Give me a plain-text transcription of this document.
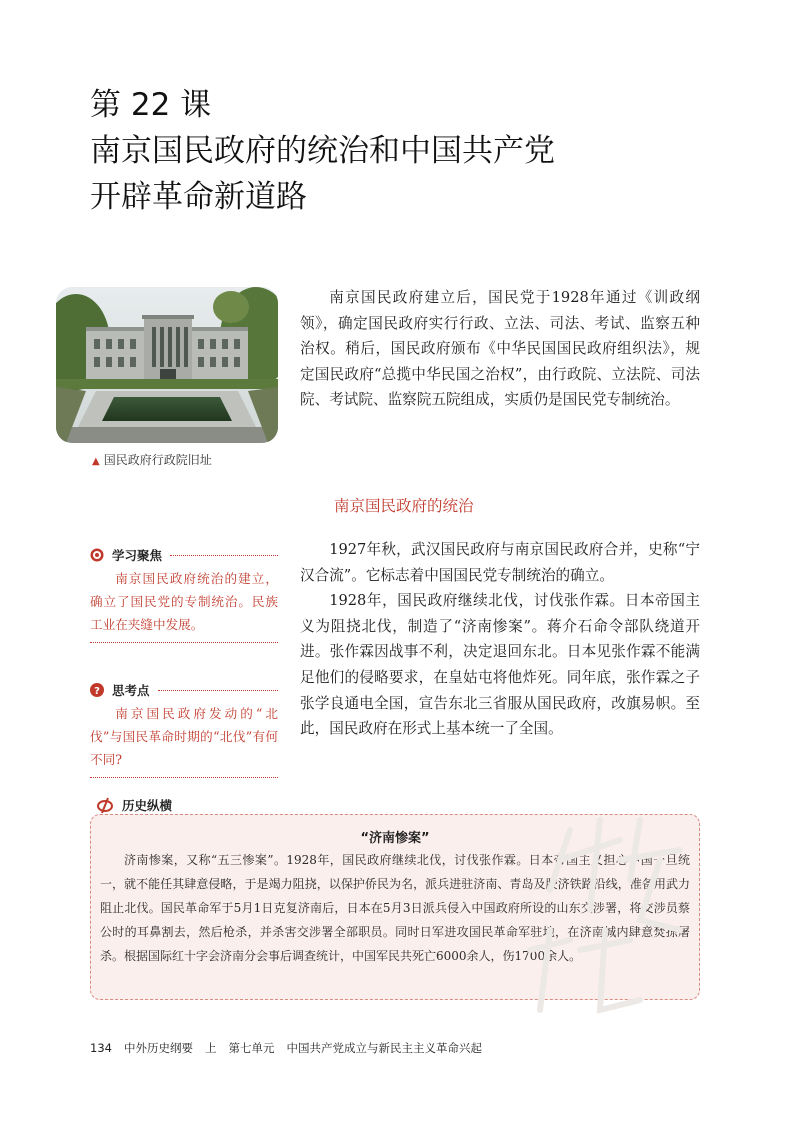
第 22 课
南京国民政府的统治和中国共产党
开辟革命新道路
▲ 国民政府行政院旧址
南京国民政府建立后，国民党于1928年通过《训政纲领》，确定国民政府实行行政、立法、司法、考试、监察五种治权。稍后，国民政府颁布《中华民国国民政府组织法》，规定国民政府“总揽中华民国之治权”，由行政院、立法院、司法院、考试院、监察院五院组成，实质仍是国民党专制统治。
南京国民政府的统治

1927年秋，武汉国民政府与南京国民政府合并，史称“宁汉合流”。它标志着中国国民党专制统治的确立。

1928年，国民政府继续北伐，讨伐张作霖。日本帝国主义为阻挠北伐，制造了“济南惨案”。蒋介石命令部队绕道开进。张作霖因战事不利，决定退回东北。日本见张作霖不能满足他们的侵略要求，在皇姑屯将他炸死。同年底，张作霖之子张学良通电全国，宣告东北三省服从国民政府，改旗易帜。至此，国民政府在形式上基本统一了全国。

学习聚焦
南京国民政府统治的建立，确立了国民党的专制统治。民族工业在夹缝中发展。
? 思考点
南京国民政府发动的“北伐”与国民革命时期的“北伐”有何不同?
历史纵横
“济南惨案”
济南惨案，又称“五三惨案”。1928年，国民政府继续北伐，讨伐张作霖。日本帝国主义担心中国一旦统一，就不能任其肆意侵略，于是竭力阻挠，以保护侨民为名，派兵进驻济南、青岛及胶济铁路沿线，准备用武力阻止北伐。国民革命军于5月1日克复济南后，日本在5月3日派兵侵入中国政府所设的山东交涉署，将交涉员蔡公时的耳鼻割去，然后枪杀，并杀害交涉署全部职员。同时日军进攻国民革命军驻地，在济南城内肆意焚掠屠杀。根据国际红十字会济南分会事后调查统计，中国军民共死亡6000余人，伤1700余人。
134 中外历史纲要 上 第七单元 中国共产党成立与新民主主义革命兴起
